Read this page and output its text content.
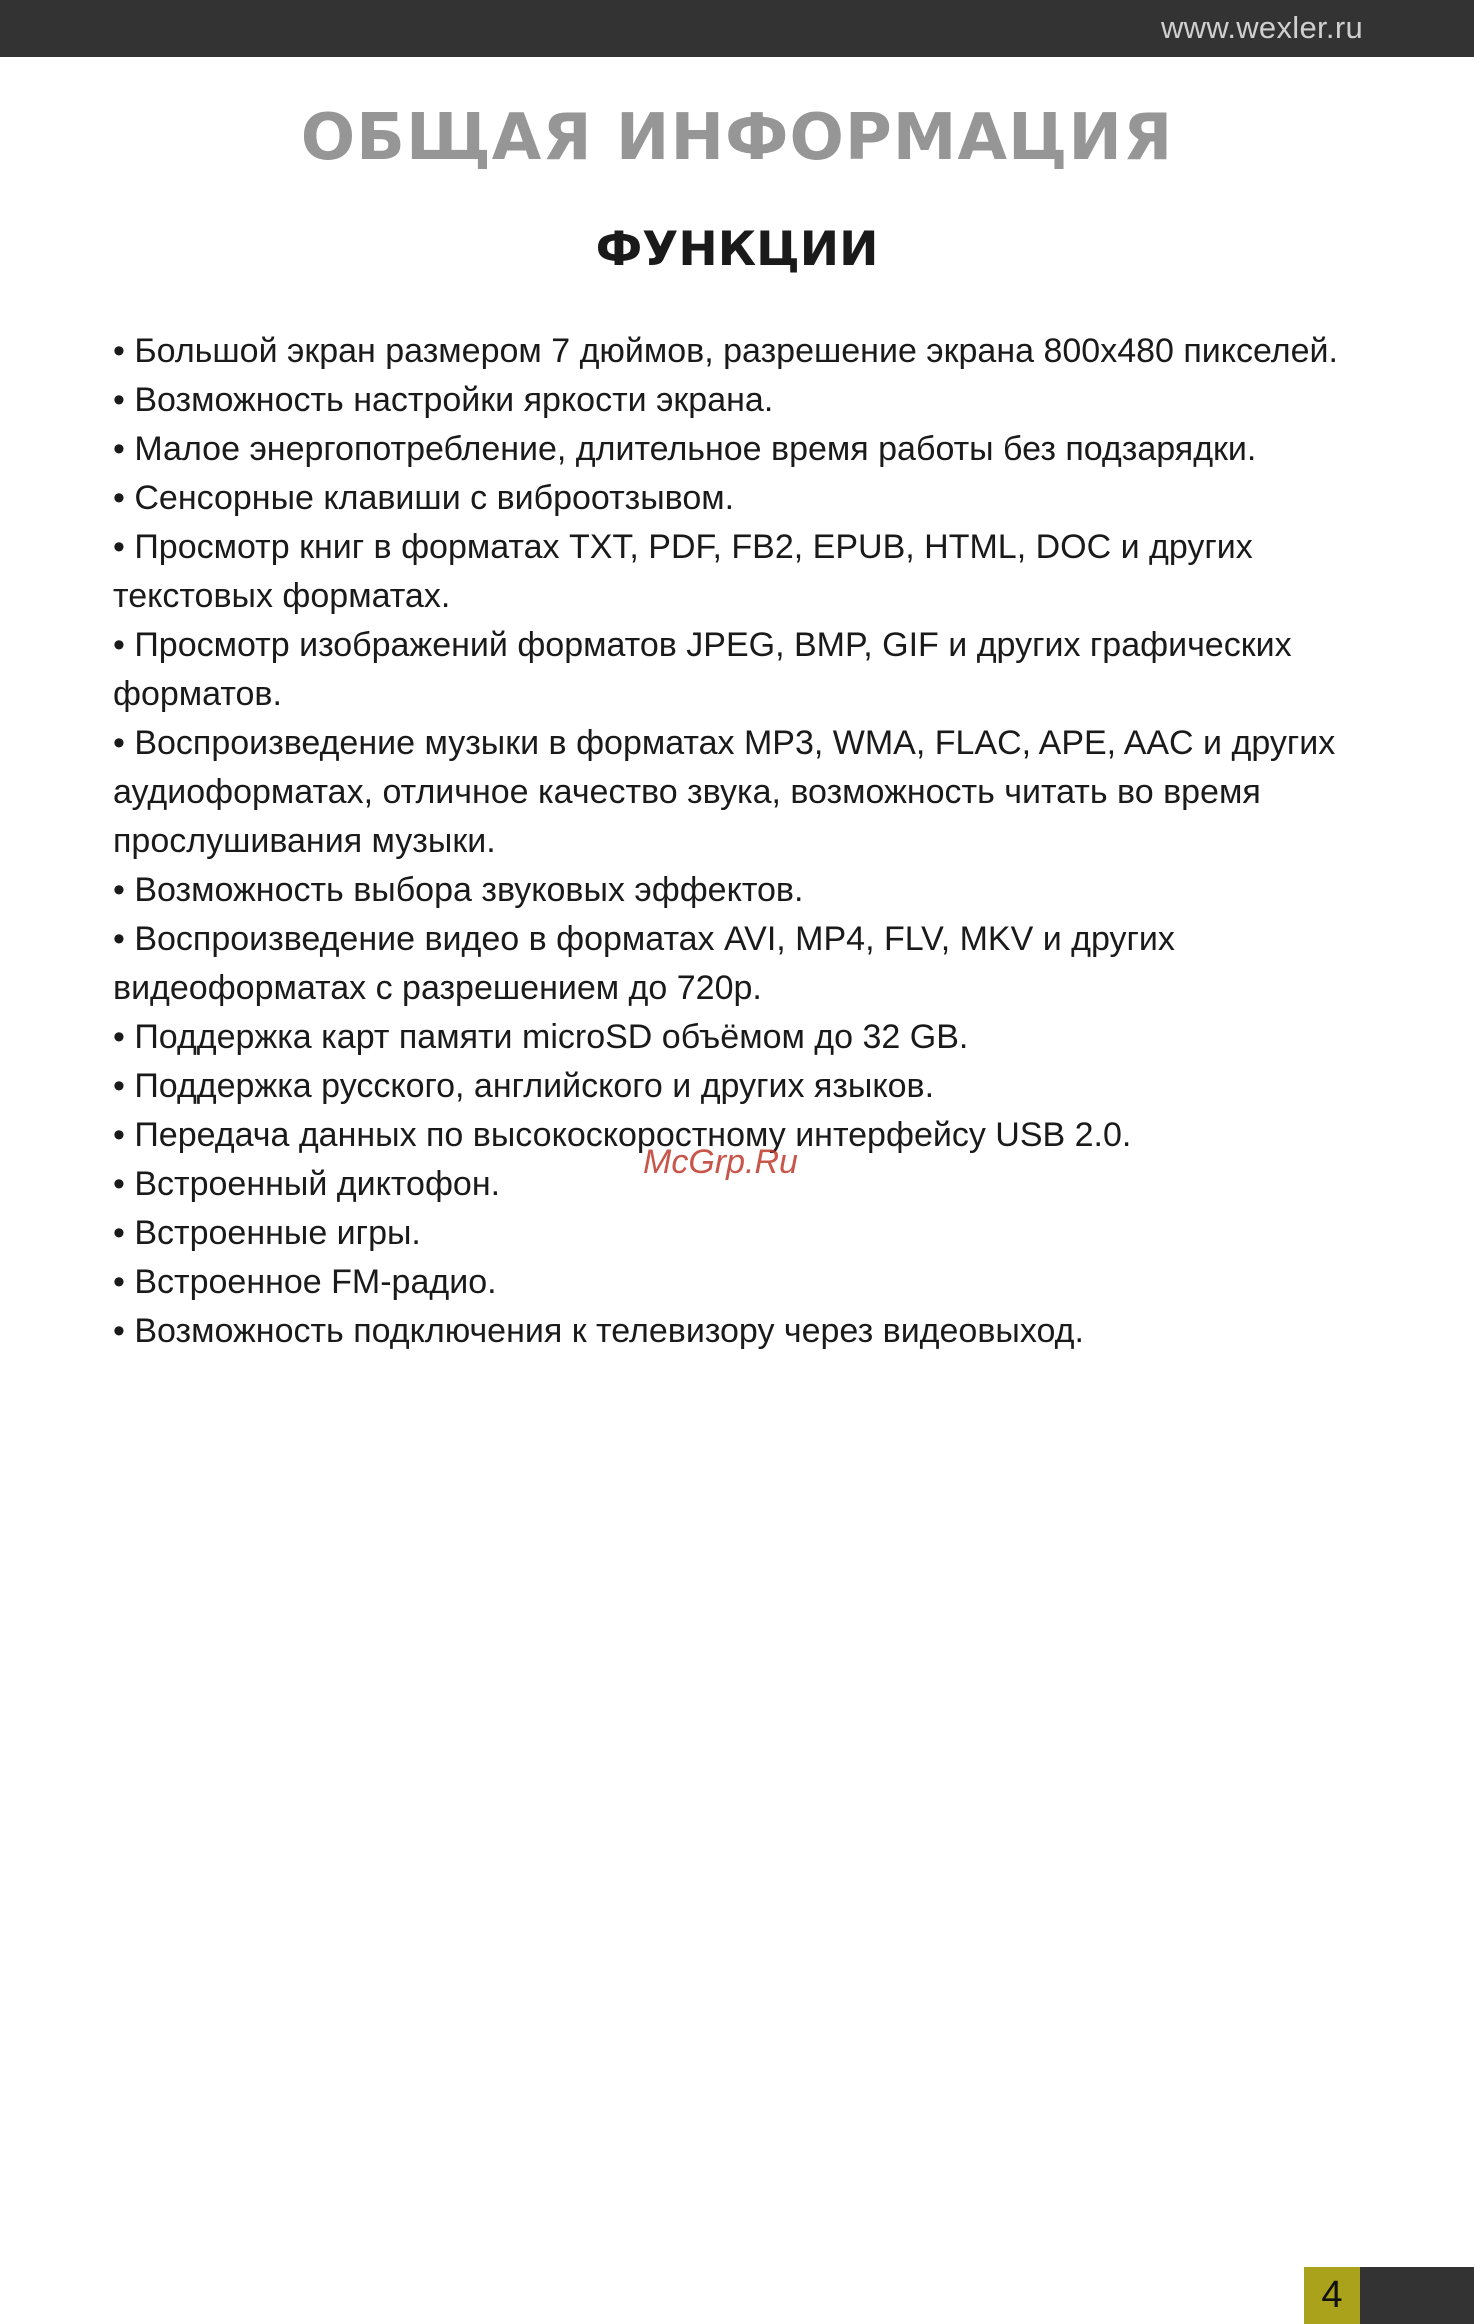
www.wexler.ru
ОБЩАЯ ИНФОРМАЦИЯ
ФУНКЦИИ
• Большой экран размером 7 дюймов, разрешение экрана 800x480 пикселей.
• Возможность настройки яркости экрана.
• Малое энергопотребление, длительное время работы без подзарядки.
• Сенсорные клавиши с виброотзывом.
• Просмотр книг в форматах TXT, PDF, FB2, EPUB, HTML, DOC и других текстовых форматах.
• Просмотр изображений форматов JPEG, BMP, GIF и других графических форматов.
• Воспроизведение музыки в форматах MP3, WMA, FLAC, APE, AAC и других аудиоформатах, отличное качество звука, возможность читать во время прослушивания музыки.
• Возможность выбора звуковых эффектов.
• Воспроизведение видео в форматах AVI, MP4, FLV, MKV и других видеоформатах с разрешением до 720p.
• Поддержка карт памяти microSD объёмом до 32 GB.
• Поддержка русского, английского и других языков.
• Передача данных по высокоскоростному интерфейсу USB 2.0.
• Встроенный диктофон.
• Встроенные игры.
• Встроенное FM-радио.
• Возможность подключения к телевизору через видеовыход.
McGrp.Ru
4
